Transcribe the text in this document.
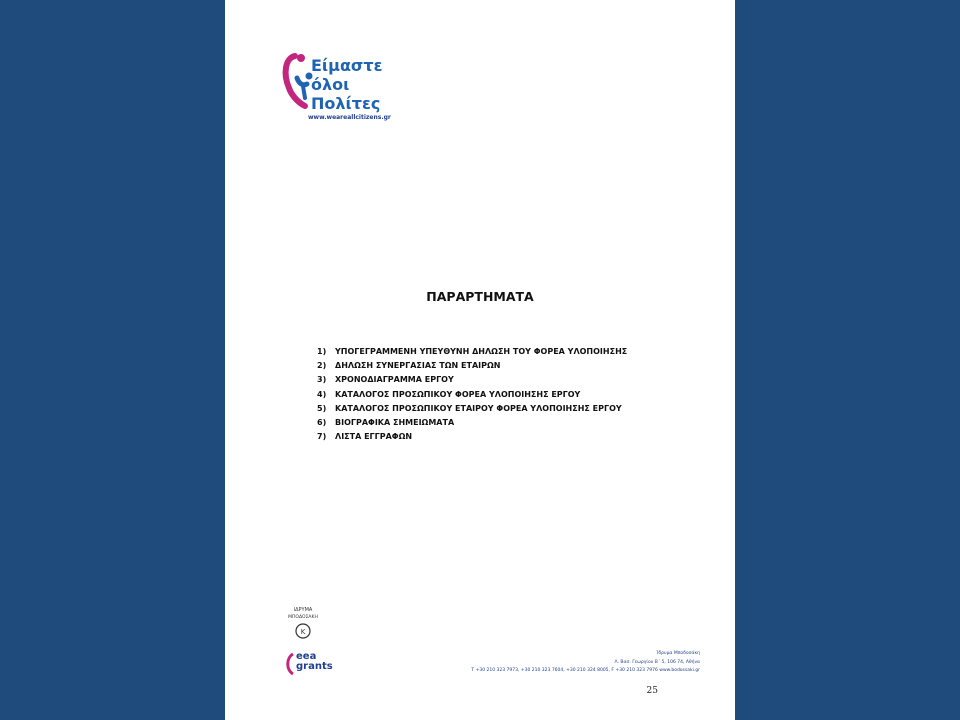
Είμαστε
όλοι
Πολίτες
www.weareallcitizens.gr
ΠΑΡΑΡΤΗΜΑΤΑ
1) ΥΠΟΓΕΓΡΑΜΜΕΝΗ ΥΠΕΥΘΥΝΗ ΔΗΛΩΣΗ ΤΟΥ ΦΟΡΕΑ ΥΛΟΠΟΙΗΣΗΣ
2) ΔΗΛΩΣΗ ΣΥΝΕΡΓΑΣΙΑΣ ΤΩΝ ΕΤΑΙΡΩΝ
3) ΧΡΟΝΟΔΙΑΓΡΑΜΜΑ ΕΡΓΟΥ
4) ΚΑΤΑΛΟΓΟΣ ΠΡΟΣΩΠΙΚΟΥ ΦΟΡΕΑ ΥΛΟΠΟΙΗΣΗΣ ΕΡΓΟΥ
5) ΚΑΤΑΛΟΓΟΣ ΠΡΟΣΩΠΙΚΟΥ ΕΤΑΙΡΟΥ ΦΟΡΕΑ ΥΛΟΠΟΙΗΣΗΣ ΕΡΓΟΥ
6) ΒΙΟΓΡΑΦΙΚΑ ΣΗΜΕΙΩΜΑΤΑ
7) ΛΙΣΤΑ ΕΓΓΡΑΦΩΝ
ΙΔΡΥΜΑ
ΜΠΟΔΟΣΑΚΗ
Κ
eea
grants
Ίδρυμα Μποδοσάκη
Λ. Βασ. Γεωργίου Β΄ 5, 106 74, Αθήνα
Τ +30 210 323 7973, +30 210 323 7604, +30 210 324 8005, F +30 210 323 7976 www.bodossaki.gr
25
